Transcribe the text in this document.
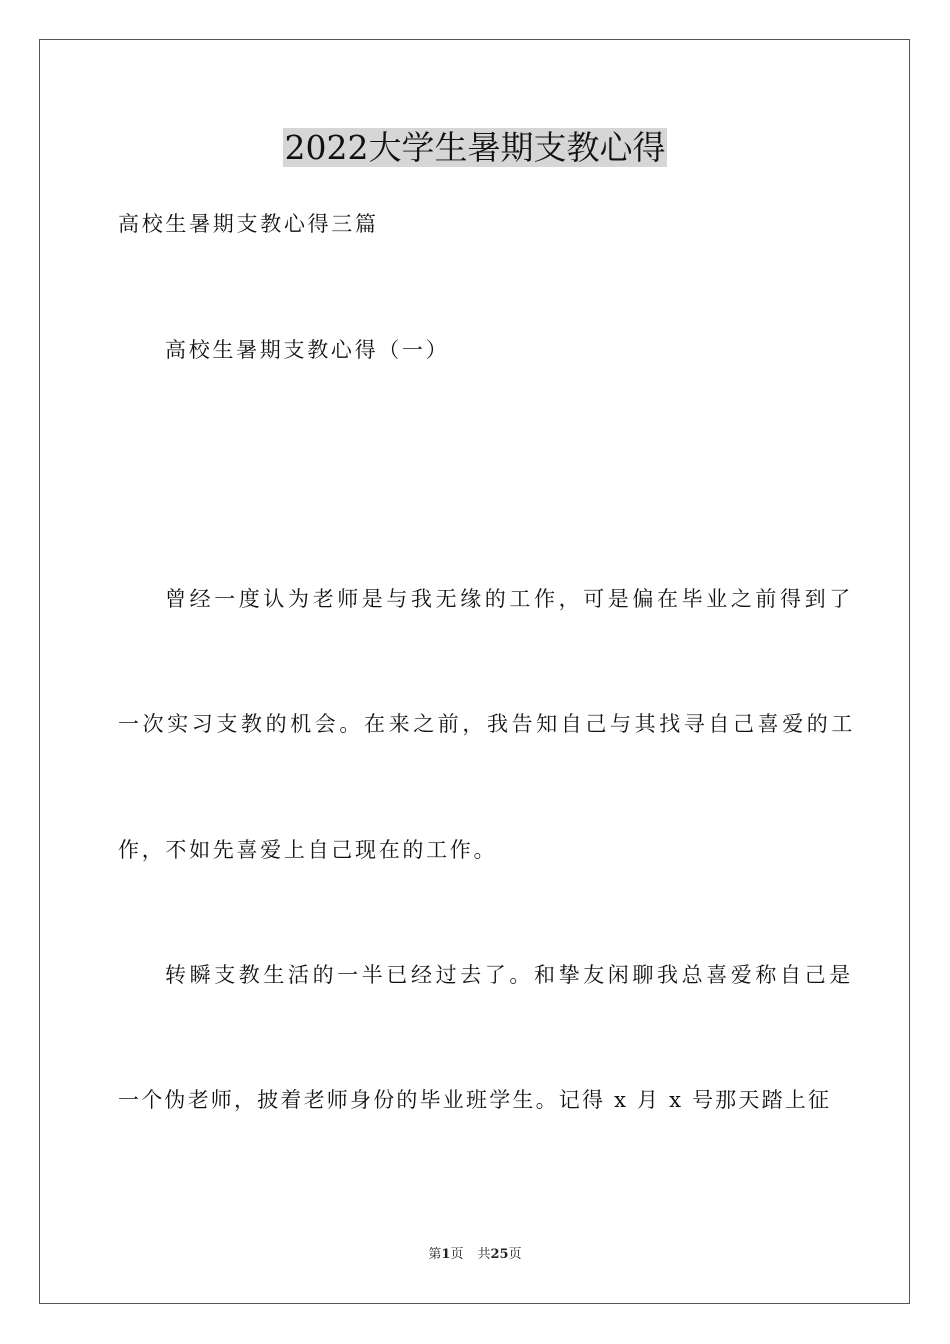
2022大学生暑期支教心得
高校生暑期支教心得三篇
高校生暑期支教心得（一）
曾经一度认为老师是与我无缘的工作，可是偏在毕业之前得到了
一次实习支教的机会。在来之前，我告知自己与其找寻自己喜爱的工
作，不如先喜爱上自己现在的工作。
转瞬支教生活的一半已经过去了。和挚友闲聊我总喜爱称自己是
一个伪老师，披着老师身份的毕业班学生。记得 x 月 x 号那天踏上征
第1页 共25页
